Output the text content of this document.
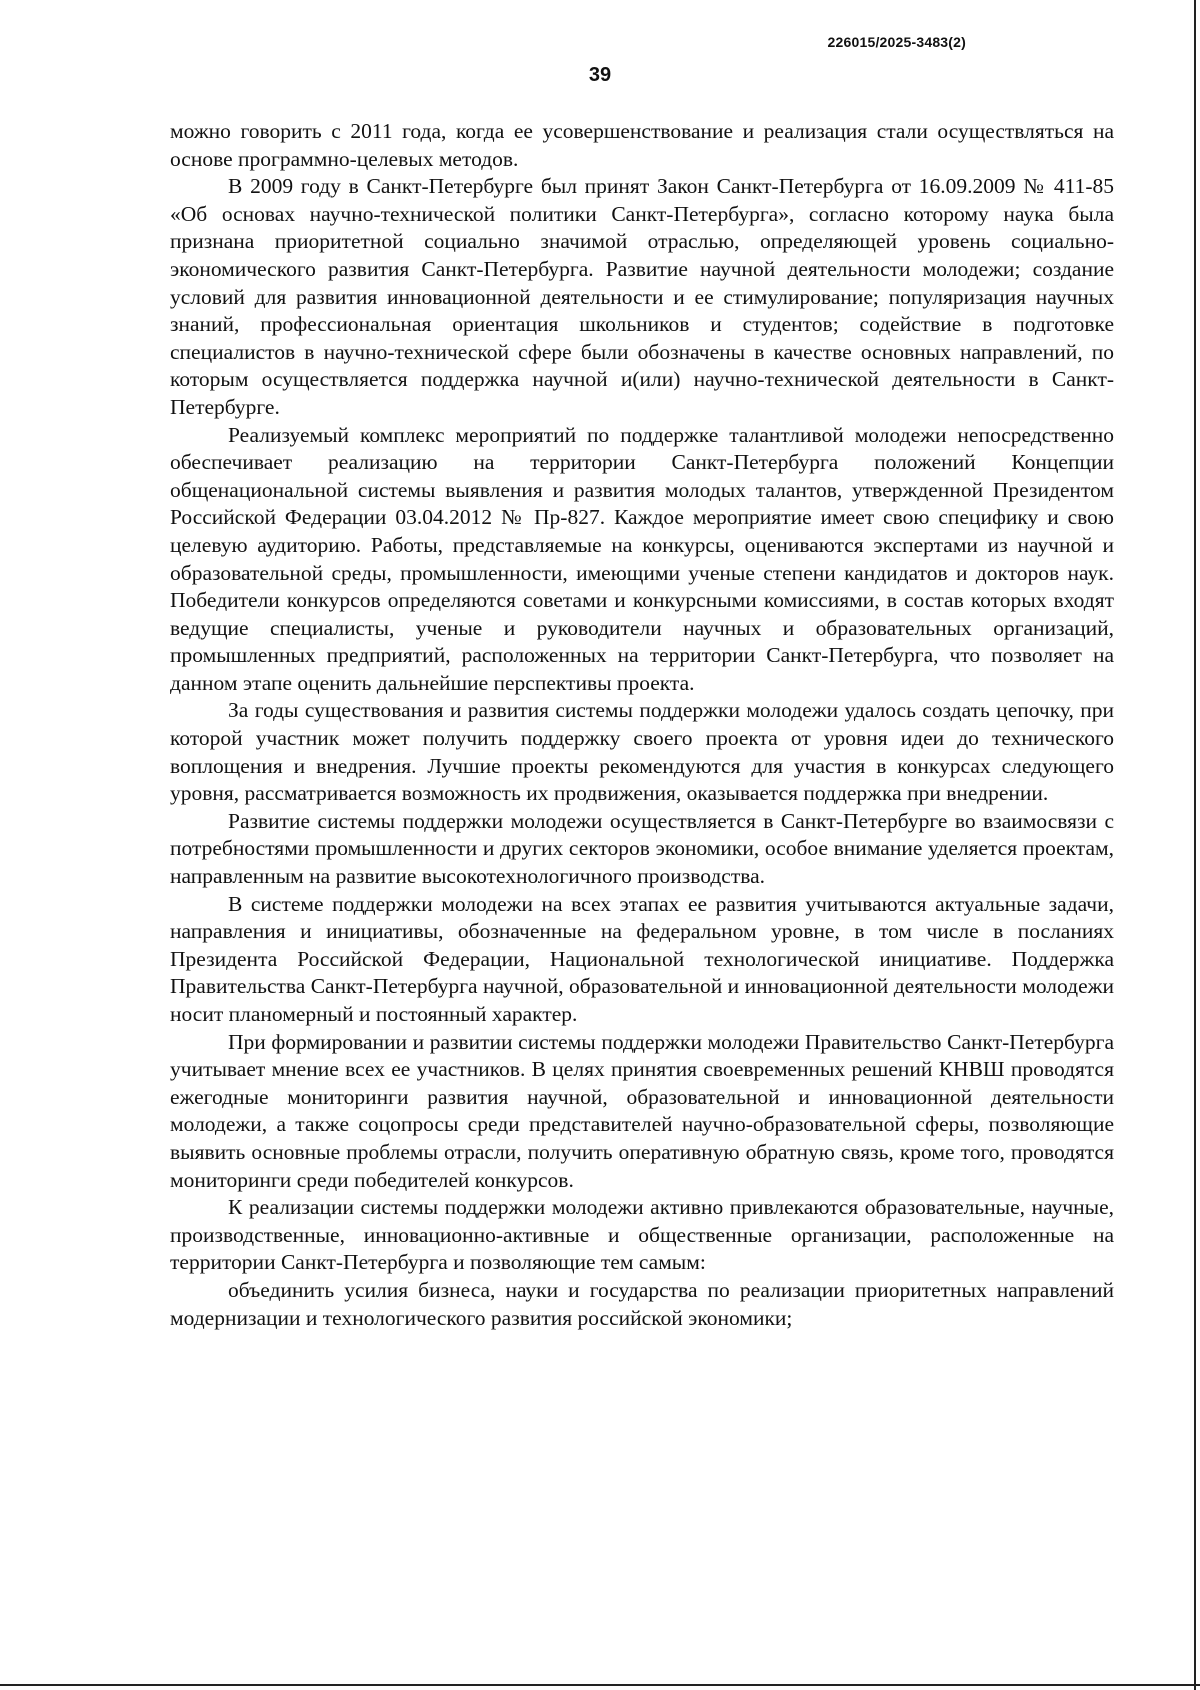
226015/2025-3483(2)
39

можно говорить с 2011 года, когда ее усовершенствование и реализация стали осуществляться на основе программно-целевых методов.

В 2009 году в Санкт-Петербурге был принят Закон Санкт-Петербурга от 16.09.2009 № 411-85 «Об основах научно-технической политики Санкт-Петербурга», согласно которому наука была признана приоритетной социально значимой отраслью, определяющей уровень социально-экономического развития Санкт-Петербурга. Развитие научной деятельности молодежи; создание условий для развития инновационной деятельности и ее стимулирование; популяризация научных знаний, профессиональная ориентация школьников и студентов; содействие в подготовке специалистов в научно-технической сфере были обозначены в качестве основных направлений, по которым осуществляется поддержка научной и(или) научно-технической деятельности в Санкт-Петербурге.

Реализуемый комплекс мероприятий по поддержке талантливой молодежи непосредственно обеспечивает реализацию на территории Санкт-Петербурга положений Концепции общенациональной системы выявления и развития молодых талантов, утвержденной Президентом Российской Федерации 03.04.2012 № Пр-827. Каждое мероприятие имеет свою специфику и свою целевую аудиторию. Работы, представляемые на конкурсы, оцениваются экспертами из научной и образовательной среды, промышленности, имеющими ученые степени кандидатов и докторов наук. Победители конкурсов определяются советами и конкурсными комиссиями, в состав которых входят ведущие специалисты, ученые и руководители научных и образовательных организаций, промышленных предприятий, расположенных на территории Санкт-Петербурга, что позволяет на данном этапе оценить дальнейшие перспективы проекта.

За годы существования и развития системы поддержки молодежи удалось создать цепочку, при которой участник может получить поддержку своего проекта от уровня идеи до технического воплощения и внедрения. Лучшие проекты рекомендуются для участия в конкурсах следующего уровня, рассматривается возможность их продвижения, оказывается поддержка при внедрении.

Развитие системы поддержки молодежи осуществляется в Санкт-Петербурге во взаимосвязи с потребностями промышленности и других секторов экономики, особое внимание уделяется проектам, направленным на развитие высокотехнологичного производства.

В системе поддержки молодежи на всех этапах ее развития учитываются актуальные задачи, направления и инициативы, обозначенные на федеральном уровне, в том числе в посланиях Президента Российской Федерации, Национальной технологической инициативе. Поддержка Правительства Санкт-Петербурга научной, образовательной и инновационной деятельности молодежи носит планомерный и постоянный характер.

При формировании и развитии системы поддержки молодежи Правительство Санкт-Петербурга учитывает мнение всех ее участников. В целях принятия своевременных решений КНВШ проводятся ежегодные мониторинги развития научной, образовательной и инновационной деятельности молодежи, а также соцопросы среди представителей научно-образовательной сферы, позволяющие выявить основные проблемы отрасли, получить оперативную обратную связь, кроме того, проводятся мониторинги среди победителей конкурсов.

К реализации системы поддержки молодежи активно привлекаются образовательные, научные, производственные, инновационно-активные и общественные организации, расположенные на территории Санкт-Петербурга и позволяющие тем самым:

объединить усилия бизнеса, науки и государства по реализации приоритетных направлений модернизации и технологического развития российской экономики;
